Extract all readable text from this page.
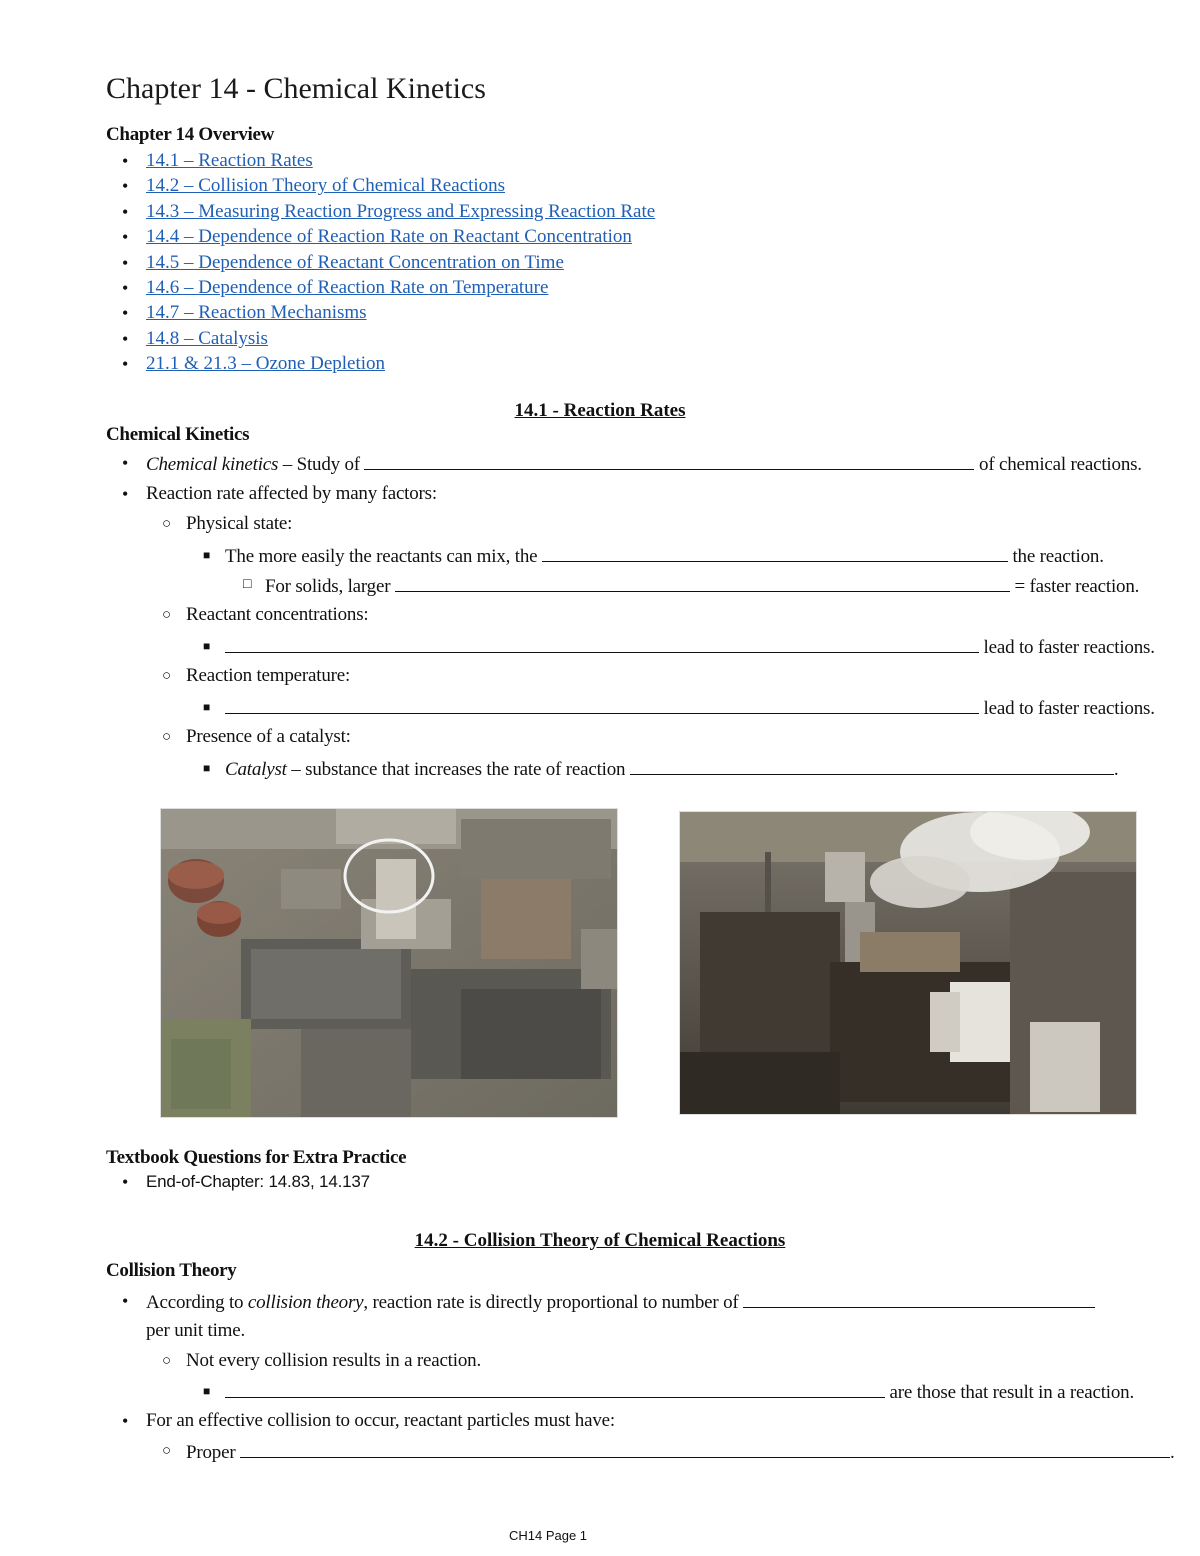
Chapter 14 - Chemical Kinetics
Chapter 14 Overview
• 14.1 – Reaction Rates
• 14.2 – Collision Theory of Chemical Reactions
• 14.3 – Measuring Reaction Progress and Expressing Reaction Rate
• 14.4 – Dependence of Reaction Rate on Reactant Concentration
• 14.5 – Dependence of Reactant Concentration on Time
• 14.6 – Dependence of Reaction Rate on Temperature
• 14.7 – Reaction Mechanisms
• 14.8 – Catalysis
• 21.1 & 21.3 – Ozone Depletion
14.1 - Reaction Rates
Chemical Kinetics
• Chemical kinetics – Study of	of chemical reactions.
• Reaction rate affected by many factors:
○ Physical state:
■ The more easily the reactants can mix, the	the reaction.
□ For solids, larger	= faster reaction.
○ Reactant concentrations:
■	lead to faster reactions.
○ Reaction temperature:
■	lead to faster reactions.
○ Presence of a catalyst:
■ Catalyst – substance that increases the rate of reaction	.
Textbook Questions for Extra Practice
• End-of-Chapter: 14.83, 14.137
14.2 - Collision Theory of Chemical Reactions
Collision Theory
• According to collision theory, reaction rate is directly proportional to number of
per unit time.
○ Not every collision results in a reaction.
■	are those that result in a reaction.
• For an effective collision to occur, reactant particles must have:
○ Proper	.
CH14 Page 1
